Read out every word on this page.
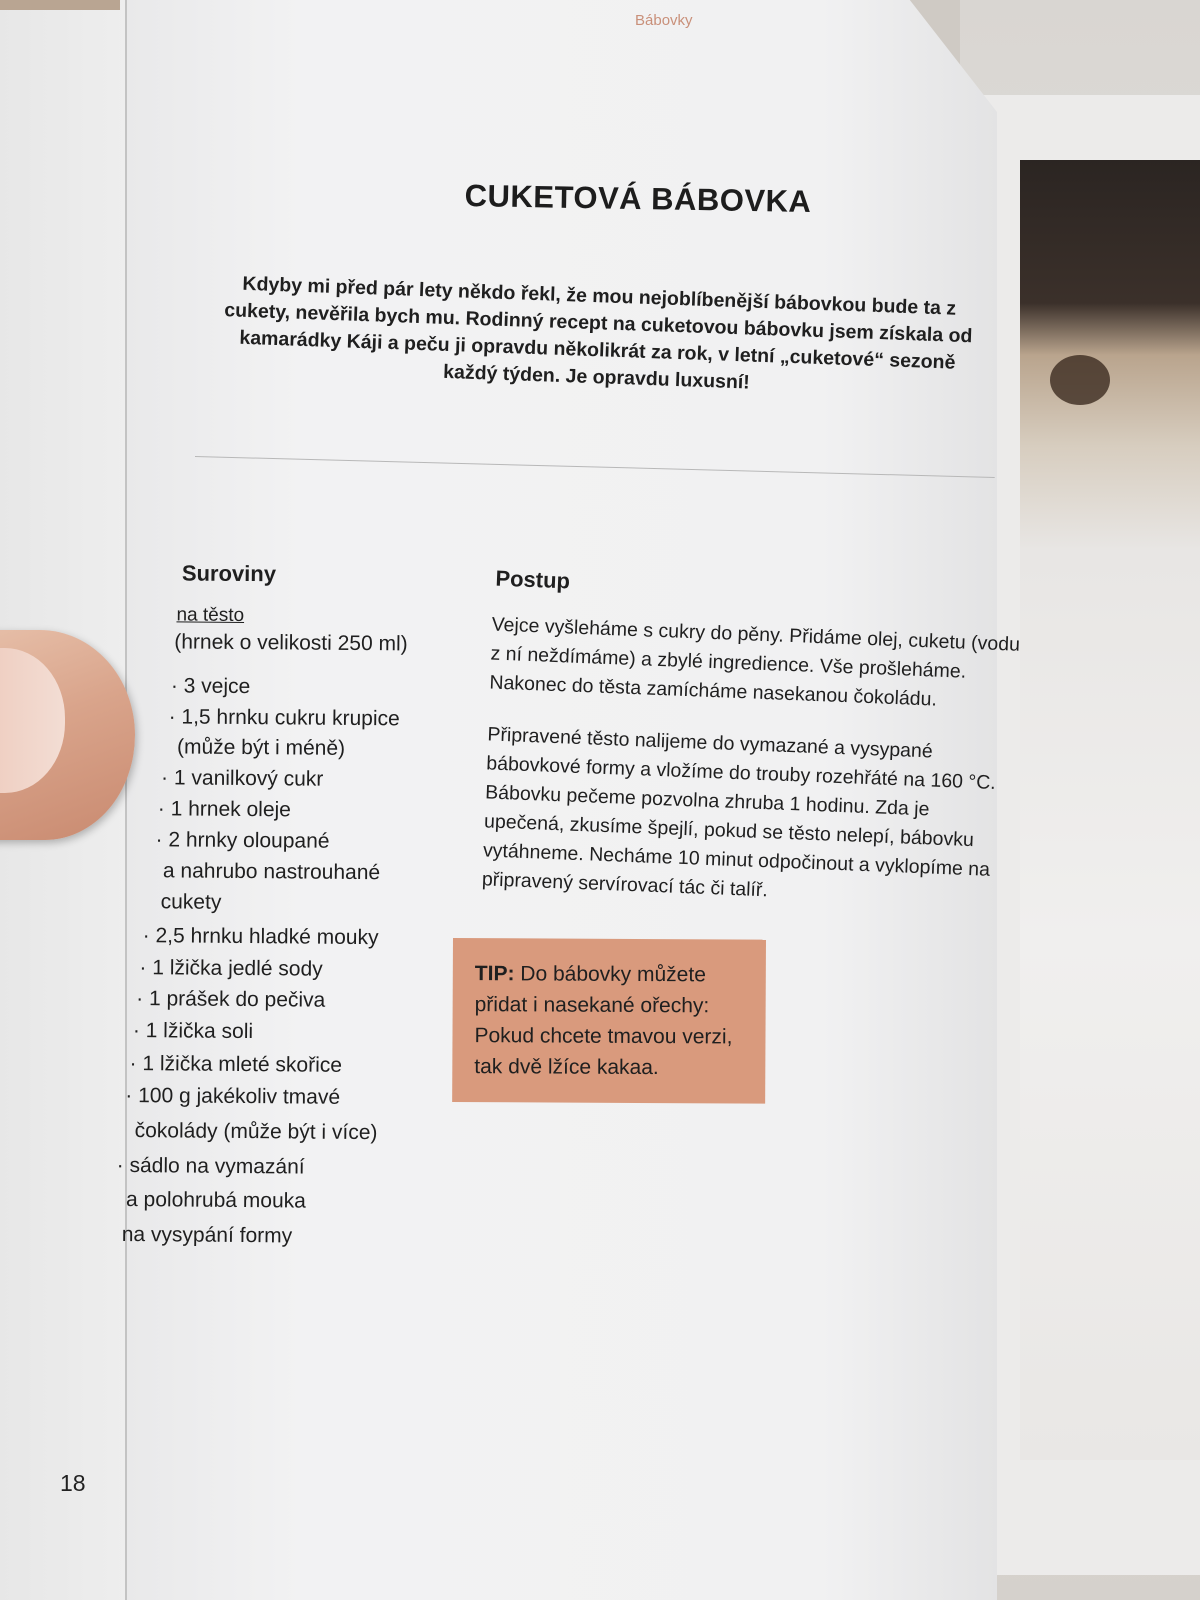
Bábovky
CUKETOVÁ BÁBOVKA
Kdyby mi před pár lety někdo řekl, že mou nejoblíbenější bábovkou bude ta z cukety, nevěřila bych mu. Rodinný recept na cuketovou bábovku jsem získala od kamarádky Káji a peču ji opravdu několikrát za rok, v letní „cuketové“ sezoně každý týden. Je opravdu luxusní!
Suroviny
na těsto
(hrnek o velikosti 250 ml)
· 3 vejce
· 1,5 hrnku cukru krupice
(může být i méně)
· 1 vanilkový cukr
· 1 hrnek oleje
· 2 hrnky oloupané
a nahrubo nastrouhané
cukety
· 2,5 hrnku hladké mouky
· 1 lžička jedlé sody
· 1 prášek do pečiva
· 1 lžička soli
· 1 lžička mleté skořice
· 100 g jakékoliv tmavé
čokolády (může být i více)
· sádlo na vymazání
a polohrubá mouka
na vysypání formy
Postup
Vejce vyšleháme s cukry do pěny. Přidáme olej, cuketu (vodu z ní neždímáme) a zbylé ingredience. Vše prošleháme. Nakonec do těsta zamícháme nasekanou čokoládu.
Připravené těsto nalijeme do vymazané a vysypané bábovkové formy a vložíme do trouby rozehřáté na 160 °C. Bábovku pečeme pozvolna zhruba 1 hodinu. Zda je upečená, zkusíme špejlí, pokud se těsto nelepí, bábovku vytáhneme. Necháme 10 minut odpočinout a vyklopíme na připravený servírovací tác či talíř.
TIP: Do bábovky můžete přidat i nasekané ořechy: Pokud chcete tmavou verzi, tak dvě lžíce kakaa.
18
